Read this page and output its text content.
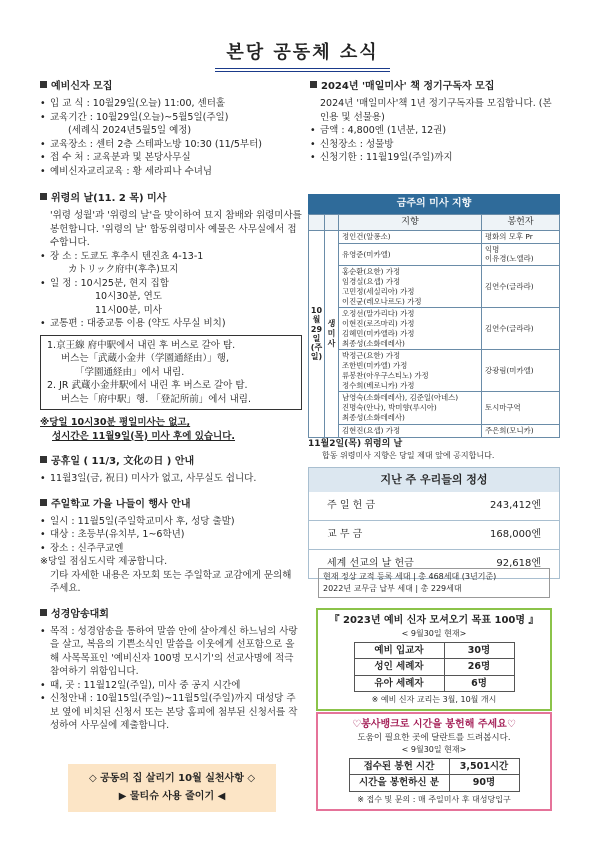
본당 공동체 소식
예비신자 모집
• 입 교 식 : 10월29일(오늘) 11:00, 센터홀
• 교육기간 : 10월29일(오늘)~5월5일(주일)
(세례식 2024년5월5일 예정)
• 교육장소 : 센터 2층 스테파노방 10:30 (11/5부터)
• 접 수 처 : 교육분과 및 본당사무실
• 예비신자교리교육 : 황 세라피나 수녀님
위령의 날(11. 2 목) 미사
'위령 성월'과 '위령의 날'을 맞이하여 묘지 참배와 위령미사를 봉헌합니다. '위령의 날' 합동위령미사 예물은 사무실에서 접수합니다.
• 장 소 : 도쿄도 후추시 텐진쵸 4-13-1
カトリック府中(후추)묘지
• 일 정 : 10시25분, 현지 집합
10시30분, 연도
11시00분, 미사
• 교통편 : 대중교통 이용 (약도 사무실 비치)
1.京王線 府中駅에서 내린 후 버스로 갈아 탐.
버스는「武蔵小金井（学園通経由）」행,
「学園通経由」에서 내림.
2. JR 武蔵小金井駅에서 내린 후 버스로 갈아 탐.
버스는「府中駅」행. 「登記所前」에서 내림.
※당일 10시30분 평일미사는 없고,
성시간은 11월9일(목) 미사 후에 있습니다.
공휴일 ( 11/3, 文化の日 ) 안내
• 11월3일(금, 祝日) 미사가 없고, 사무실도 쉽니다.
주일학교 가을 나들이 행사 안내
• 일시 : 11월5일(주일학교미사 후, 성당 출발)
• 대상 : 초등부(유치부, 1~6학년)
• 장소 : 신주쿠교엔
※당일 점심도시락 제공합니다.
기타 자세한 내용은 자모회 또는 주일학교 교감에게 문의해 주세요.
성경암송대회
• 목적 : 성경암송을 통하여 말씀 안에 살아계신 하느님의 사랑을 살고, 복음의 기쁜소식인 말씀을 이웃에게 선포함으로 올해 사목목표인 '예비신자 100명 모시기'의 선교사명에 적극 참여하기 위함입니다.
• 때, 곳 : 11월12일(주일), 미사 중 공지 시간에
• 신청안내 : 10월15일(주일)~11월5일(주일)까지 대성당 주보 옆에 비치된 신청서 또는 본당 홈피에 첨부된 신청서를 작성하여 사무실에 제출합니다.
◇ 공동의 집 살리기 10월 실천사항 ◇
▶ 물티슈 사용 줄이기 ◀
2024년 '매일미사' 책 정기구독자 모집
2024년 '매일미사'책 1년 정기구독자를 모집합니다. (본인용 및 선물용)
• 금액 : 4,800엔 (1년분, 12권)
• 신청장소 : 성물방
• 신청기한 : 11월19일(주일)까지
금주의 미사 지향
		지향	봉헌자
10월29일(주일)	생미사	정인건(알퐁소)	평화의 모후 Pr
		유영준(미카엘)	익명
이유경(노엘라)
		홍순환(요한) 가정
임경실(요셉) 가정
고민정(세실리아) 가정
이진균(레오나르도) 가정	김연수(글라라)
		오정선(말가리다) 가정
이현진(로즈마리) 가정
김혜민(미카엘라) 가정
최종성(소화데레사)	김연수(글라라)
		박정근(요한) 가정
조한빈(미카엘) 가정
류봉찬(아우구스티노) 가정
정수희(베로니카) 가정	강광림(미카엘)
		남영숙(소화데레사), 김준일(아네스)
진명숙(안나), 박미향(루시아)
최종성(소화데레사)	토시마구역
		김현진(요셉) 가정	주은희(모니카)
11월2일(목) 위령의 날
합동 위령미사 지향은 당일 제대 앞에 공지합니다.
지난 주 우리들의 정성
주 일 헌 금	243,412엔
교 무 금	168,000엔
세계 선교의 날 헌금	92,618엔
현재 정상 교적 등록 세대 | 총 468세대 (3년기준)
2022년 교무금 납부 세대 | 총 229세대
『 2023년 예비 신자 모셔오기 목표 100명 』
< 9월30일 현재>
예비 입교자	30명
성인 세례자	26명
유아 세례자	6명
※ 예비 신자 교리는 3월, 10월 개시
♡봉사뱅크로 시간을 봉헌해 주세요♡
도움이 필요한 곳에 달란트를 드려봅시다.
< 9월30일 현재>
접수된 봉헌 시간	3,501시간
시간을 봉헌하신 분	90명
※ 접수 및 문의 : 매 주일미사 후 대성당입구
